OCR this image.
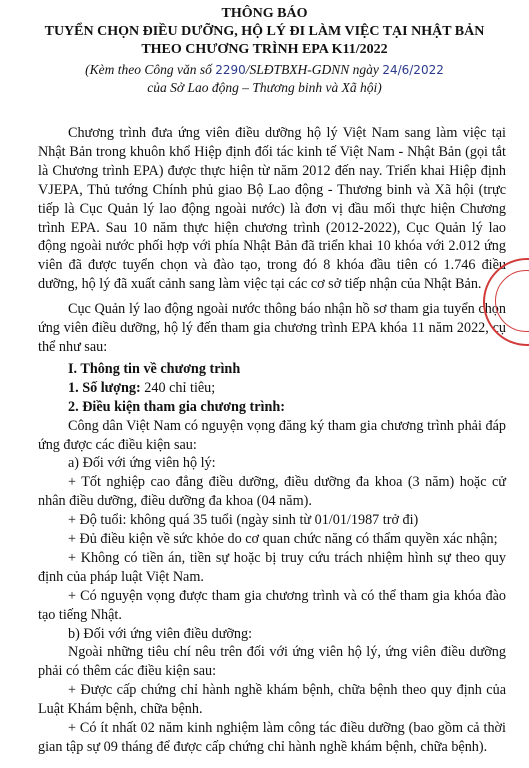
THÔNG BÁO
TUYỂN CHỌN ĐIỀU DƯỠNG, HỘ LÝ ĐI LÀM VIỆC TẠI NHẬT BẢN
THEO CHƯƠNG TRÌNH EPA K11/2022
(Kèm theo Công văn số 2290/SLĐTBXH-GDNN ngày 24/6/2022
của Sở Lao động – Thương binh và Xã hội)

Chương trình đưa ứng viên điều dưỡng hộ lý Việt Nam sang làm việc tại Nhật Bản trong khuôn khổ Hiệp định đối tác kinh tế Việt Nam - Nhật Bản (gọi tắt là Chương trình EPA) được thực hiện từ năm 2012 đến nay. Triển khai Hiệp định VJEPA, Thủ tướng Chính phủ giao Bộ Lao động - Thương binh và Xã hội (trực tiếp là Cục Quản lý lao động ngoài nước) là đơn vị đầu mối thực hiện Chương trình EPA. Sau 10 năm thực hiện chương trình (2012-2022), Cục Quản lý lao động ngoài nước phối hợp với phía Nhật Bản đã triển khai 10 khóa với 2.012 ứng viên đã được tuyển chọn và đào tạo, trong đó 8 khóa đầu tiên có 1.746 điều dưỡng, hộ lý đã xuất cảnh sang làm việc tại các cơ sở tiếp nhận của Nhật Bản.

Cục Quản lý lao động ngoài nước thông báo nhận hồ sơ tham gia tuyển chọn ứng viên điều dưỡng, hộ lý đến tham gia chương trình EPA khóa 11 năm 2022, cụ thể như sau:

I. Thông tin về chương trình

1. Số lượng: 240 chỉ tiêu;

2. Điều kiện tham gia chương trình:

Công dân Việt Nam có nguyện vọng đăng ký tham gia chương trình phải đáp ứng được các điều kiện sau:

a) Đối với ứng viên hộ lý:

+ Tốt nghiệp cao đẳng điều dưỡng, điều dưỡng đa khoa (3 năm) hoặc cử nhân điều dưỡng, điều dưỡng đa khoa (04 năm).

+ Độ tuổi: không quá 35 tuổi (ngày sinh từ 01/01/1987 trở đi)

+ Đủ điều kiện về sức khỏe do cơ quan chức năng có thẩm quyền xác nhận;

+ Không có tiền án, tiền sự hoặc bị truy cứu trách nhiệm hình sự theo quy định của pháp luật Việt Nam.

+ Có nguyện vọng được tham gia chương trình và có thể tham gia khóa đào tạo tiếng Nhật.

b) Đối với ứng viên điều dưỡng:

Ngoài những tiêu chí nêu trên đối với ứng viên hộ lý, ứng viên điều dưỡng phải có thêm các điều kiện sau:

+ Được cấp chứng chỉ hành nghề khám bệnh, chữa bệnh theo quy định của Luật Khám bệnh, chữa bệnh.

+ Có ít nhất 02 năm kinh nghiệm làm công tác điều dưỡng (bao gồm cả thời gian tập sự 09 tháng để được cấp chứng chỉ hành nghề khám bệnh, chữa bệnh).
